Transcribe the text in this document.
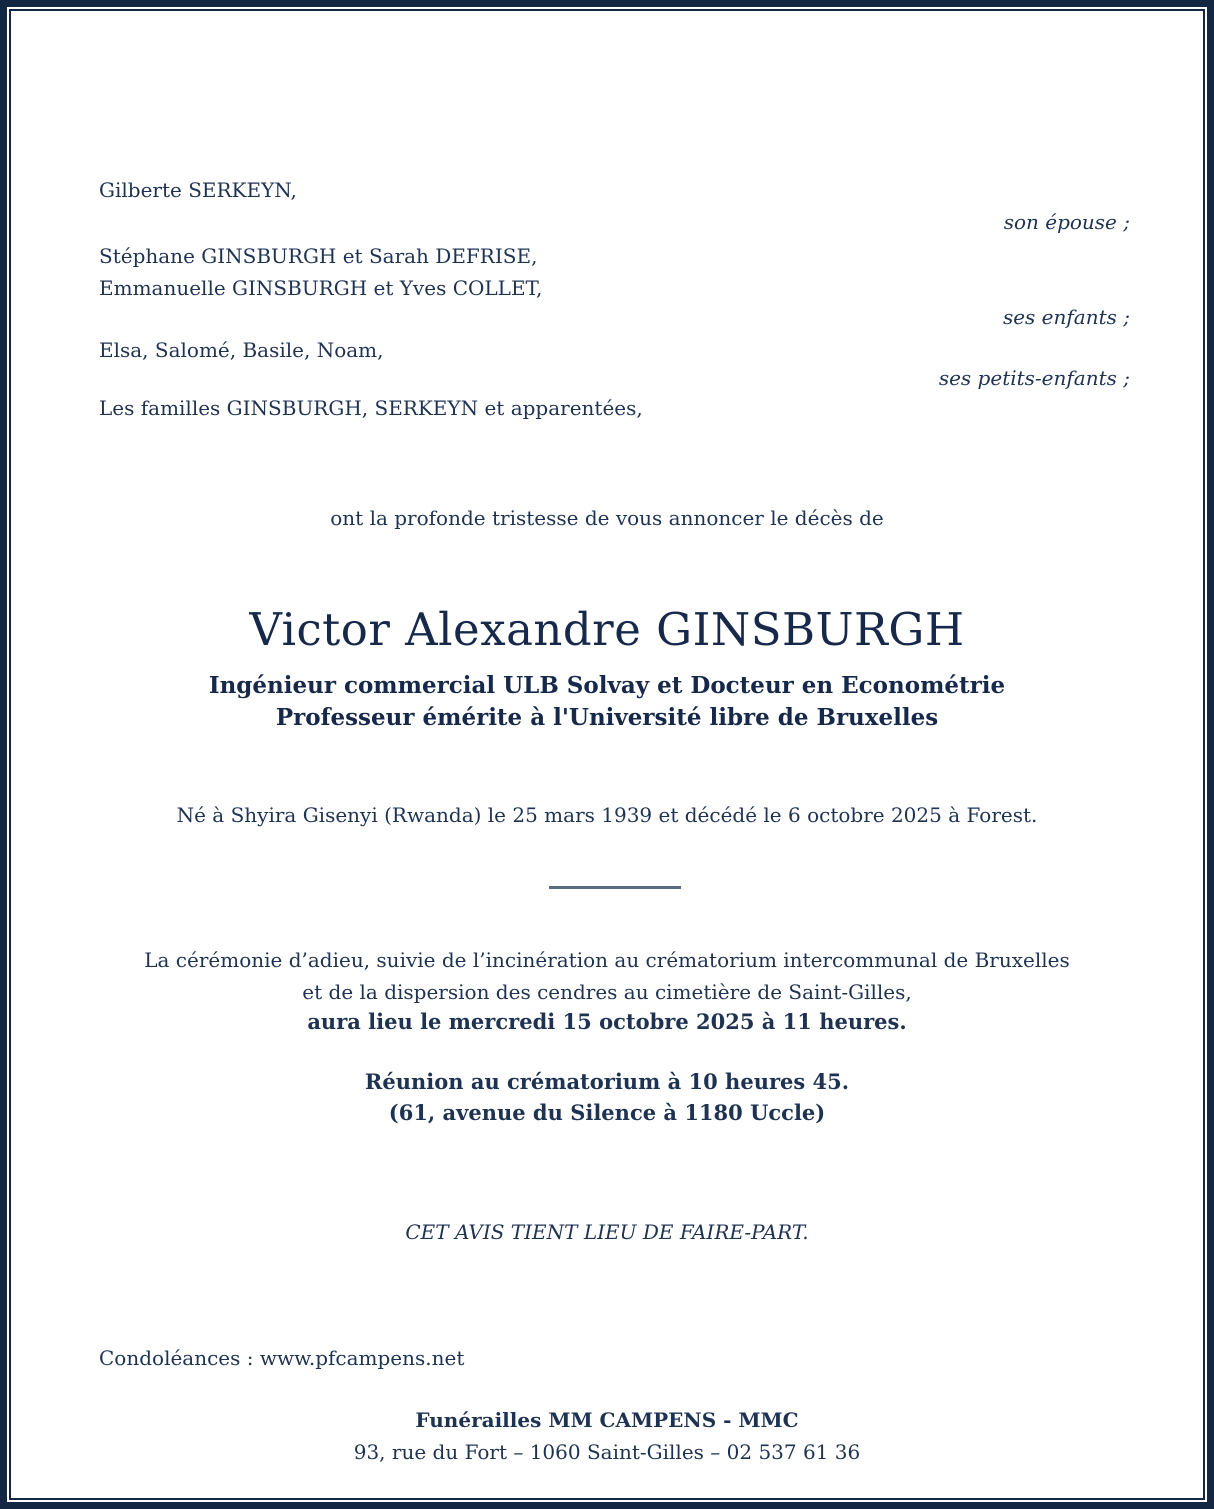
Gilberte SERKEYN,
son épouse ;
Stéphane GINSBURGH et Sarah DEFRISE,
Emmanuelle GINSBURGH et Yves COLLET,
ses enfants ;
Elsa, Salomé, Basile, Noam,
ses petits-enfants ;
Les familles GINSBURGH, SERKEYN et apparentées,
ont la profonde tristesse de vous annoncer le décès de
Victor Alexandre GINSBURGH
Ingénieur commercial ULB Solvay et Docteur en Econométrie
Professeur émérite à l'Université libre de Bruxelles
Né à Shyira Gisenyi (Rwanda) le 25 mars 1939 et décédé le 6 octobre 2025 à Forest.
La cérémonie d’adieu, suivie de l’incinération au crématorium intercommunal de Bruxelles
et de la dispersion des cendres au cimetière de Saint-Gilles,
aura lieu le mercredi 15 octobre 2025 à 11 heures.
Réunion au crématorium à 10 heures 45.
(61, avenue du Silence à 1180 Uccle)
CET AVIS TIENT LIEU DE FAIRE-PART.
Condoléances : www.pfcampens.net
Funérailles MM CAMPENS - MMC
93, rue du Fort – 1060 Saint-Gilles – 02 537 61 36
